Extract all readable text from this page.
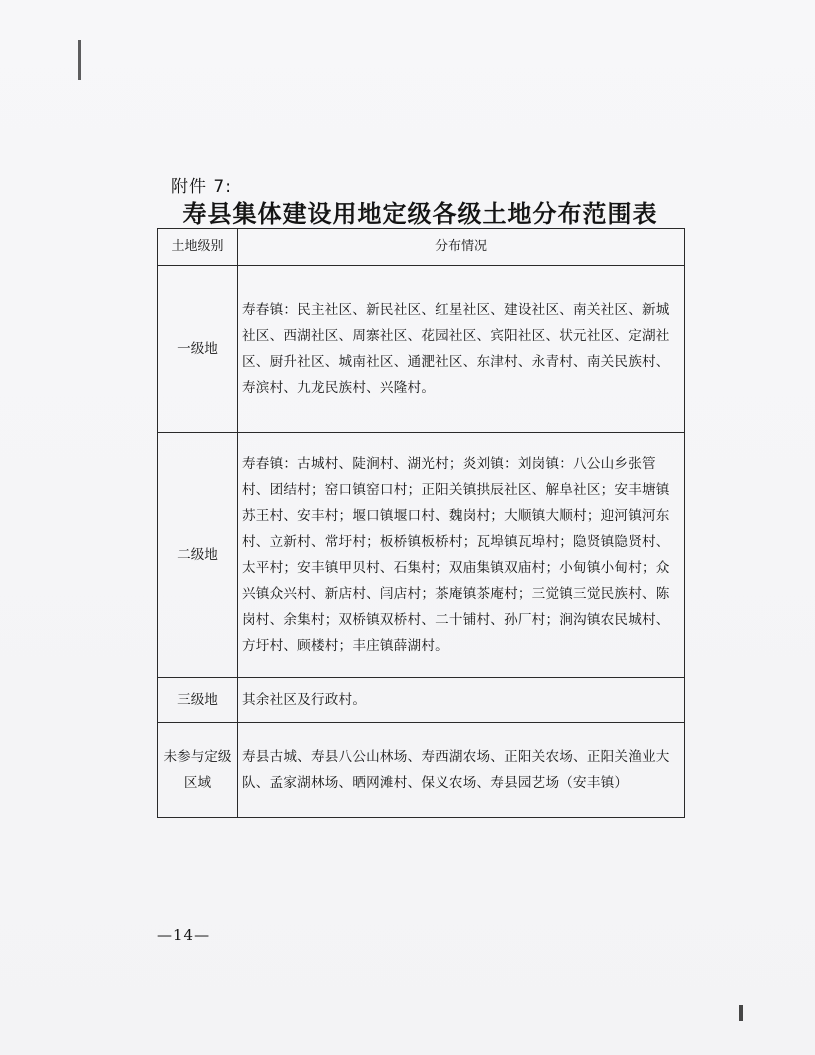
附件 7:
寿县集体建设用地定级各级土地分布范围表
土地级别	分布情况
一级地	寿春镇：民主社区、新民社区、红星社区、建设社区、南关社区、新城社区、西湖社区、周寨社区、花园社区、宾阳社区、状元社区、定湖社区、厨升社区、城南社区、通淝社区、东津村、永青村、南关民族村、寿滨村、九龙民族村、兴隆村。
二级地	寿春镇：古城村、陡涧村、湖光村；炎刘镇：刘岗镇：八公山乡张管村、团结村；窑口镇窑口村；正阳关镇拱辰社区、解阜社区；安丰塘镇苏王村、安丰村；堰口镇堰口村、魏岗村；大顺镇大顺村；迎河镇河东村、立新村、常圩村；板桥镇板桥村；瓦埠镇瓦埠村；隐贤镇隐贤村、太平村；安丰镇甲贝村、石集村；双庙集镇双庙村；小甸镇小甸村；众兴镇众兴村、新店村、闫店村；茶庵镇茶庵村；三觉镇三觉民族村、陈岗村、余集村；双桥镇双桥村、二十铺村、孙厂村；涧沟镇农民城村、方圩村、顾楼村；丰庄镇薛湖村。
三级地	其余社区及行政村。
未参与定级区域	寿县古城、寿县八公山林场、寿西湖农场、正阳关农场、正阳关渔业大队、孟家湖林场、晒网滩村、保义农场、寿县园艺场（安丰镇）
—14—
